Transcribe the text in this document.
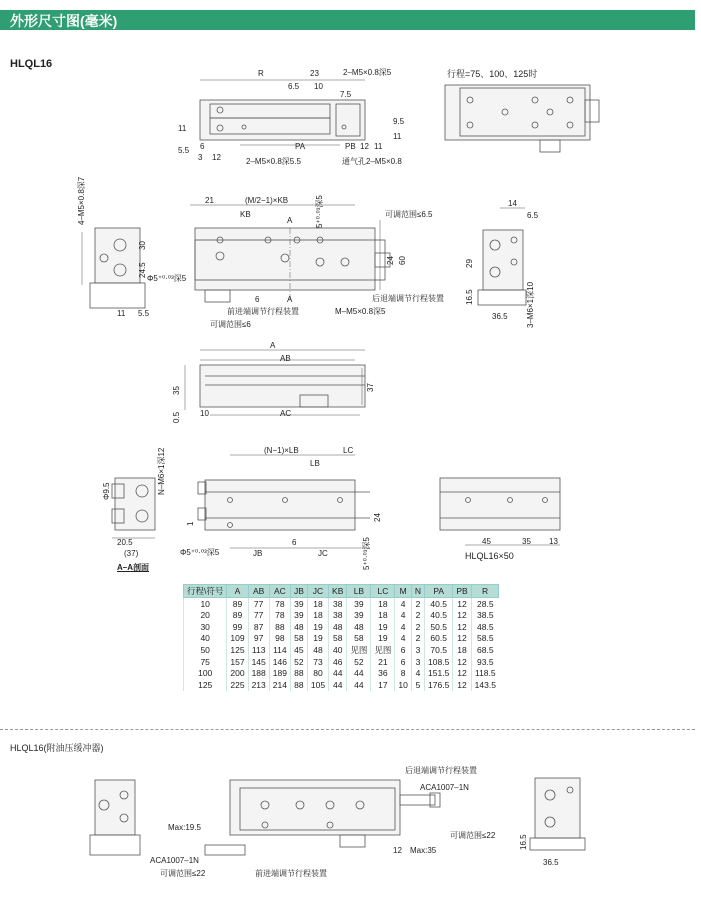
外形尺寸图(毫米)
HLQL16
HLQL16(附油压缓冲器)
R	23	2–M5×0.8深5
6.5 10
7.5
11
5.5
9.5
11
6
3 12
PA	PB 12 11
2–M5×0.8深5.5	通气孔2–M5×0.8
行程=75、100、125时
4–M5×0.8深7
30
24.5
11 5.5
21	(M/2−1)×KB
KB
A	5⁺⁰·⁰³深5	可调范围≤6.5
24 60
Φ5⁺⁰·⁰³深5
后退端调节行程装置
6	A
前进端调节行程装置	M–M5×0.8深5
可调范围≤6
14
6.5
29
16.5
36.5 3–M6×1深10
A
AB
35	37
0.5 10	AC
(N−1)×LB
LB
LC
Φ9.5	N–M6×1深12
20.5
(37)
A–A剖面
1
Φ5⁺⁰·⁰³深5	JB
6
JC
24
5⁺⁰·⁰³深5	45	35 13
HLQL16×50
行程\符号	A	AB	AC	JB	JC	KB	LB	LC	M	N	PA	PB	R
10	89	77	78	39	18	38	39	18	4	2	40.5	12	28.5
20	89	77	78	39	18	38	39	18	4	2	40.5	12	38.5
30	99	87	88	48	19	48	48	19	4	2	50.5	12	48.5
40	109	97	98	58	19	58	58	19	4	2	60.5	12	58.5
50	125	113	114	45	48	40	见图	见图	6	3	70.5	18	68.5
75	157	145	146	52	73	46	52	21	6	3	108.5	12	93.5
100	200	188	189	88	80	44	44	36	8	4	151.5	12	118.5
125	225	213	214	88	105	44	44	17	10	5	176.5	12	143.5
后退端调节行程装置
ACA1007–1N
Max:19.5
ACA1007–1N
可调范围≤22	前进端调节行程装置
12 Max:35
可调范围≤22	16.5
36.5
